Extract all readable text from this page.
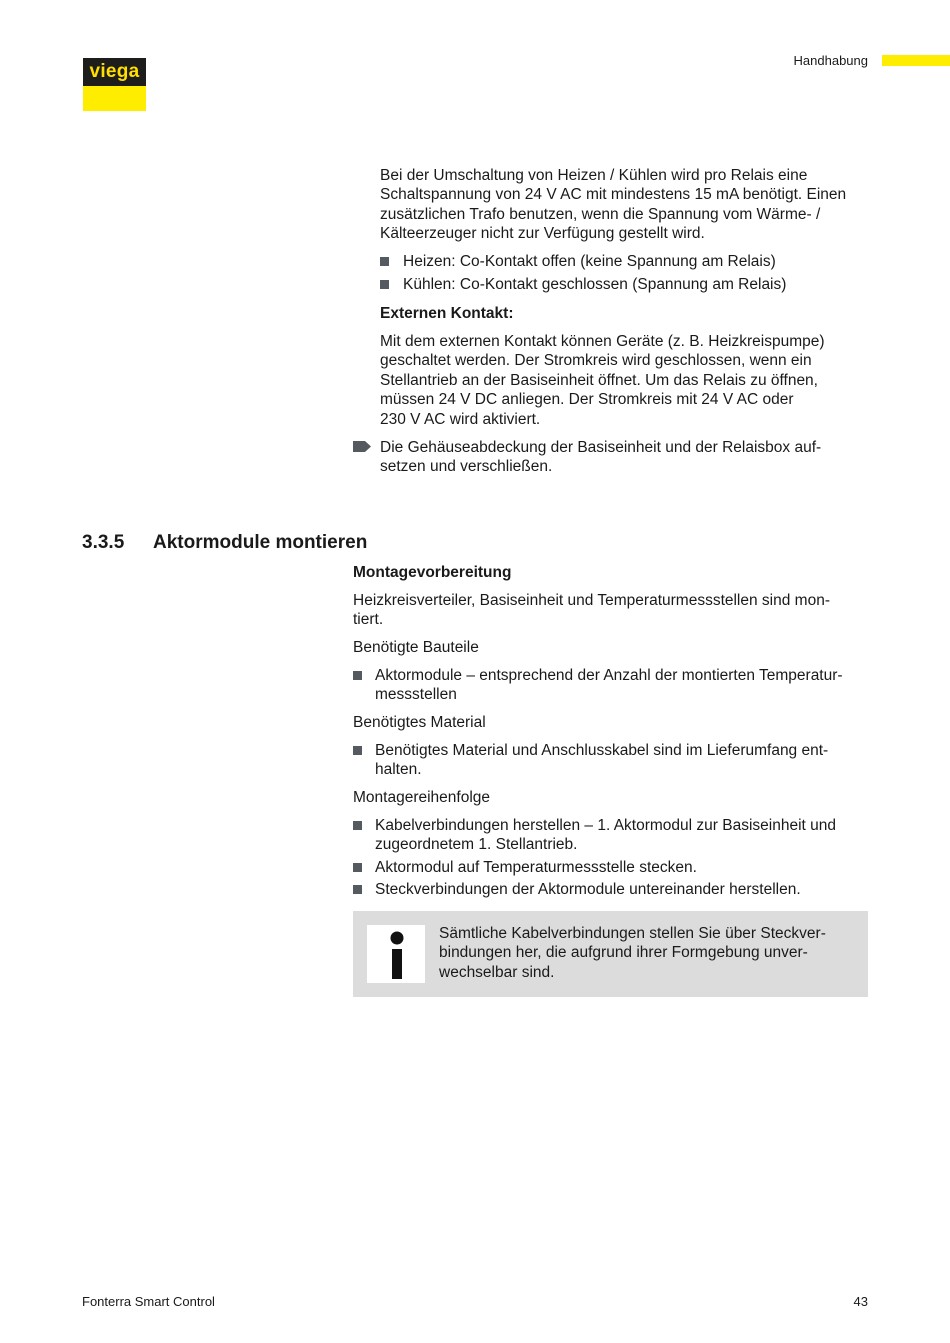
viega
Handhabung
Bei der Umschaltung von Heizen / Kühlen wird pro Relais eine
Schaltspannung von 24 V AC mit mindestens 15 mA benötigt. Einen
zusätzlichen Trafo benutzen, wenn die Spannung vom Wärme- /
Kälteerzeuger nicht zur Verfügung gestellt wird.
Heizen: Co-Kontakt offen (keine Spannung am Relais)
Kühlen: Co-Kontakt geschlossen (Spannung am Relais)
Externen Kontakt:
Mit dem externen Kontakt können Geräte (z. B. Heizkreispumpe)
geschaltet werden. Der Stromkreis wird geschlossen, wenn ein
Stellantrieb an der Basiseinheit öffnet. Um das Relais zu öffnen,
müssen 24 V DC anliegen. Der Stromkreis mit 24 V AC oder
230 V AC wird aktiviert.
Die Gehäuseabdeckung der Basiseinheit und der Relaisbox auf-
setzen und verschließen.
3.3.5 Aktormodule montieren
Montagevorbereitung
Heizkreisverteiler, Basiseinheit und Temperaturmessstellen sind mon-
tiert.
Benötigte Bauteile
Aktormodule – entsprechend der Anzahl der montierten Temperatur-
messstellen
Benötigtes Material
Benötigtes Material und Anschlusskabel sind im Lieferumfang ent-
halten.
Montagereihenfolge
Kabelverbindungen herstellen – 1. Aktormodul zur Basiseinheit und
zugeordnetem 1. Stellantrieb.
Aktormodul auf Temperaturmessstelle stecken.
Steckverbindungen der Aktormodule untereinander herstellen.
Sämtliche Kabelverbindungen stellen Sie über Steckver-
bindungen her, die aufgrund ihrer Formgebung unver-
wechselbar sind.
Fonterra Smart Control	43
